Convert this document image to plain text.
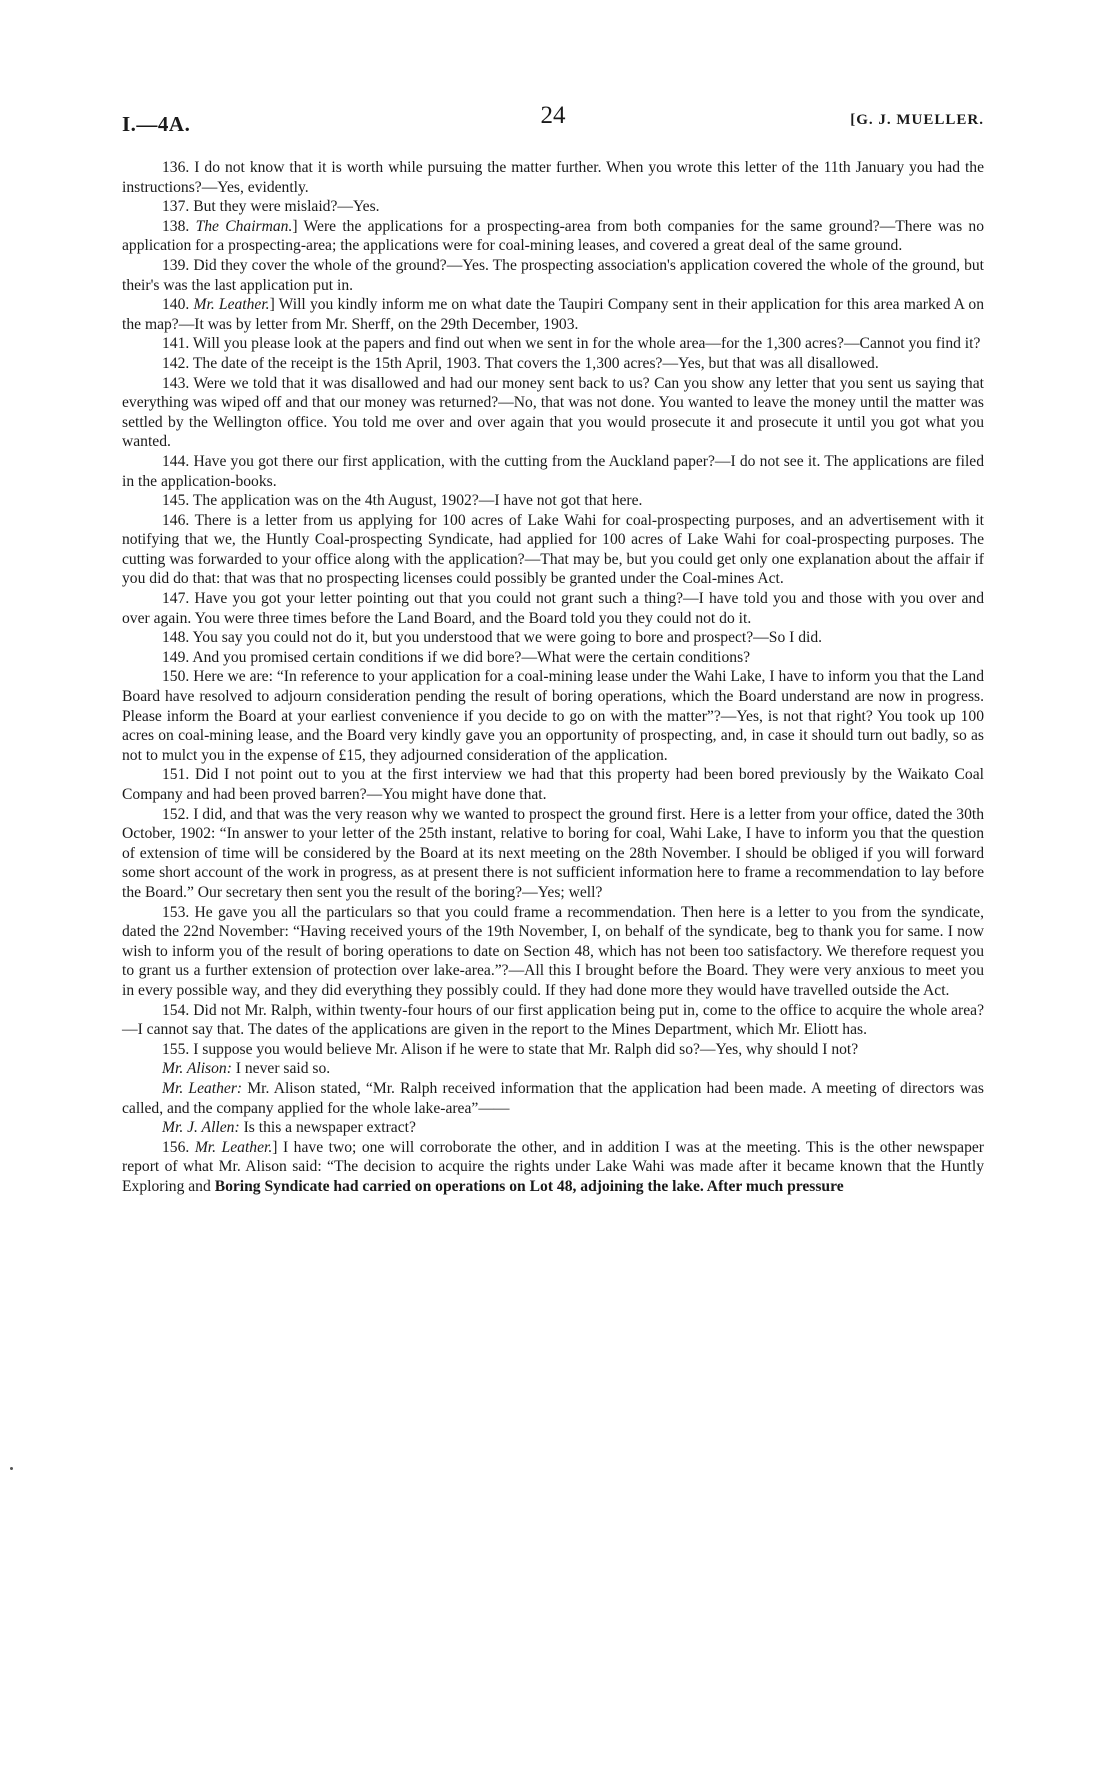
I.—4A.	24	[G. J. MUELLER.

136. I do not know that it is worth while pursuing the matter further. When you wrote this letter of the 11th January you had the instructions?—Yes, evidently.

137. But they were mislaid?—Yes.

138. The Chairman.] Were the applications for a prospecting-area from both companies for the same ground?—There was no application for a prospecting-area; the applications were for coal-mining leases, and covered a great deal of the same ground.

139. Did they cover the whole of the ground?—Yes. The prospecting association's application covered the whole of the ground, but their's was the last application put in.

140. Mr. Leather.] Will you kindly inform me on what date the Taupiri Company sent in their application for this area marked A on the map?—It was by letter from Mr. Sherff, on the 29th December, 1903.

141. Will you please look at the papers and find out when we sent in for the whole area—for the 1,300 acres?—Cannot you find it?

142. The date of the receipt is the 15th April, 1903. That covers the 1,300 acres?—Yes, but that was all disallowed.

143. Were we told that it was disallowed and had our money sent back to us? Can you show any letter that you sent us saying that everything was wiped off and that our money was returned?—No, that was not done. You wanted to leave the money until the matter was settled by the Wellington office. You told me over and over again that you would prosecute it and prosecute it until you got what you wanted.

144. Have you got there our first application, with the cutting from the Auckland paper?—I do not see it. The applications are filed in the application-books.

145. The application was on the 4th August, 1902?—I have not got that here.

146. There is a letter from us applying for 100 acres of Lake Wahi for coal-prospecting purposes, and an advertisement with it notifying that we, the Huntly Coal-prospecting Syndicate, had applied for 100 acres of Lake Wahi for coal-prospecting purposes. The cutting was forwarded to your office along with the application?—That may be, but you could get only one explanation about the affair if you did do that: that was that no prospecting licenses could possibly be granted under the Coal-mines Act.

147. Have you got your letter pointing out that you could not grant such a thing?—I have told you and those with you over and over again. You were three times before the Land Board, and the Board told you they could not do it.

148. You say you could not do it, but you understood that we were going to bore and prospect?—So I did.

149. And you promised certain conditions if we did bore?—What were the certain conditions?

150. Here we are: “In reference to your application for a coal-mining lease under the Wahi Lake, I have to inform you that the Land Board have resolved to adjourn consideration pending the result of boring operations, which the Board understand are now in progress. Please inform the Board at your earliest convenience if you decide to go on with the matter”?—Yes, is not that right? You took up 100 acres on coal-mining lease, and the Board very kindly gave you an opportunity of prospecting, and, in case it should turn out badly, so as not to mulct you in the expense of £15, they adjourned consideration of the application.

151. Did I not point out to you at the first interview we had that this property had been bored previously by the Waikato Coal Company and had been proved barren?—You might have done that.

152. I did, and that was the very reason why we wanted to prospect the ground first. Here is a letter from your office, dated the 30th October, 1902: “In answer to your letter of the 25th instant, relative to boring for coal, Wahi Lake, I have to inform you that the question of extension of time will be considered by the Board at its next meeting on the 28th November. I should be obliged if you will forward some short account of the work in progress, as at present there is not sufficient information here to frame a recommendation to lay before the Board.” Our secretary then sent you the result of the boring?—Yes; well?

153. He gave you all the particulars so that you could frame a recommendation. Then here is a letter to you from the syndicate, dated the 22nd November: “Having received yours of the 19th November, I, on behalf of the syndicate, beg to thank you for same. I now wish to inform you of the result of boring operations to date on Section 48, which has not been too satisfactory. We therefore request you to grant us a further extension of protection over lake-area.”?—All this I brought before the Board. They were very anxious to meet you in every possible way, and they did everything they possibly could. If they had done more they would have travelled outside the Act.

154. Did not Mr. Ralph, within twenty-four hours of our first application being put in, come to the office to acquire the whole area?—I cannot say that. The dates of the applications are given in the report to the Mines Department, which Mr. Eliott has.

155. I suppose you would believe Mr. Alison if he were to state that Mr. Ralph did so?—Yes, why should I not?

Mr. Alison: I never said so.

Mr. Leather: Mr. Alison stated, “Mr. Ralph received information that the application had been made. A meeting of directors was called, and the company applied for the whole lake-area”——

Mr. J. Allen: Is this a newspaper extract?

156. Mr. Leather.] I have two; one will corroborate the other, and in addition I was at the meeting. This is the other newspaper report of what Mr. Alison said: “The decision to acquire the rights under Lake Wahi was made after it became known that the Huntly Exploring and Boring Syndicate had carried on operations on Lot 48, adjoining the lake. After much pressure
